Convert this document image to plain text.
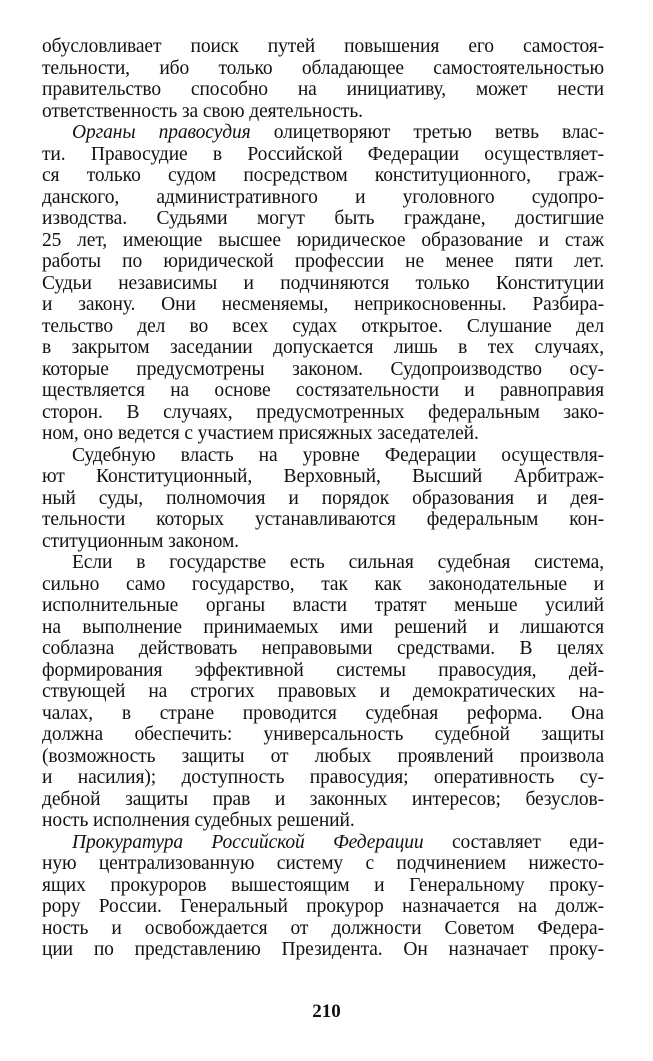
обусловливает поиск путей повышения его самостоя-
тельности, ибо только обладающее самостоятельностью
правительство способно на инициативу, может нести
ответственность за свою деятельность.
Органы правосудия олицетворяют третью ветвь влас-
ти. Правосудие в Российской Федерации осуществляет-
ся только судом посредством конституционного, граж-
данского, административного и уголовного судопро-
изводства. Судьями могут быть граждане, достигшие
25 лет, имеющие высшее юридическое образование и стаж
работы по юридической профессии не менее пяти лет.
Судьи независимы и подчиняются только Конституции
и закону. Они несменяемы, неприкосновенны. Разбира-
тельство дел во всех судах открытое. Слушание дел
в закрытом заседании допускается лишь в тех случаях,
которые предусмотрены законом. Судопроизводство осу-
ществляется на основе состязательности и равноправия
сторон. В случаях, предусмотренных федеральным зако-
ном, оно ведется с участием присяжных заседателей.
Судебную власть на уровне Федерации осуществля-
ют Конституционный, Верховный, Высший Арбитраж-
ный суды, полномочия и порядок образования и дея-
тельности которых устанавливаются федеральным кон-
ституционным законом.
Если в государстве есть сильная судебная система,
сильно само государство, так как законодательные и
исполнительные органы власти тратят меньше усилий
на выполнение принимаемых ими решений и лишаются
соблазна действовать неправовыми средствами. В целях
формирования эффективной системы правосудия, дей-
ствующей на строгих правовых и демократических на-
чалах, в стране проводится судебная реформа. Она
должна обеспечить: универсальность судебной защиты
(возможность защиты от любых проявлений произвола
и насилия); доступность правосудия; оперативность су-
дебной защиты прав и законных интересов; безуслов-
ность исполнения судебных решений.
Прокуратура Российской Федерации составляет еди-
ную централизованную систему с подчинением нижесто-
ящих прокуроров вышестоящим и Генеральному проку-
рору России. Генеральный прокурор назначается на долж-
ность и освобождается от должности Советом Федера-
ции по представлению Президента. Он назначает проку-
210
